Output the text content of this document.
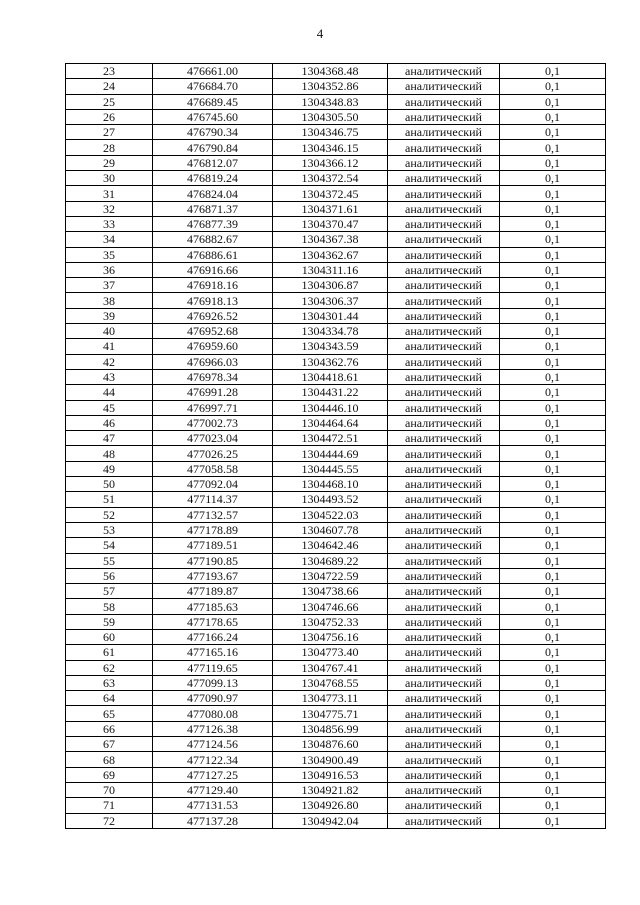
4
23	476661.00	1304368.48	аналитический	0,1
24	476684.70	1304352.86	аналитический	0,1
25	476689.45	1304348.83	аналитический	0,1
26	476745.60	1304305.50	аналитический	0,1
27	476790.34	1304346.75	аналитический	0,1
28	476790.84	1304346.15	аналитический	0,1
29	476812.07	1304366.12	аналитический	0,1
30	476819.24	1304372.54	аналитический	0,1
31	476824.04	1304372.45	аналитический	0,1
32	476871.37	1304371.61	аналитический	0,1
33	476877.39	1304370.47	аналитический	0,1
34	476882.67	1304367.38	аналитический	0,1
35	476886.61	1304362.67	аналитический	0,1
36	476916.66	1304311.16	аналитический	0,1
37	476918.16	1304306.87	аналитический	0,1
38	476918.13	1304306.37	аналитический	0,1
39	476926.52	1304301.44	аналитический	0,1
40	476952.68	1304334.78	аналитический	0,1
41	476959.60	1304343.59	аналитический	0,1
42	476966.03	1304362.76	аналитический	0,1
43	476978.34	1304418.61	аналитический	0,1
44	476991.28	1304431.22	аналитический	0,1
45	476997.71	1304446.10	аналитический	0,1
46	477002.73	1304464.64	аналитический	0,1
47	477023.04	1304472.51	аналитический	0,1
48	477026.25	1304444.69	аналитический	0,1
49	477058.58	1304445.55	аналитический	0,1
50	477092.04	1304468.10	аналитический	0,1
51	477114.37	1304493.52	аналитический	0,1
52	477132.57	1304522.03	аналитический	0,1
53	477178.89	1304607.78	аналитический	0,1
54	477189.51	1304642.46	аналитический	0,1
55	477190.85	1304689.22	аналитический	0,1
56	477193.67	1304722.59	аналитический	0,1
57	477189.87	1304738.66	аналитический	0,1
58	477185.63	1304746.66	аналитический	0,1
59	477178.65	1304752.33	аналитический	0,1
60	477166.24	1304756.16	аналитический	0,1
61	477165.16	1304773.40	аналитический	0,1
62	477119.65	1304767.41	аналитический	0,1
63	477099.13	1304768.55	аналитический	0,1
64	477090.97	1304773.11	аналитический	0,1
65	477080.08	1304775.71	аналитический	0,1
66	477126.38	1304856.99	аналитический	0,1
67	477124.56	1304876.60	аналитический	0,1
68	477122.34	1304900.49	аналитический	0,1
69	477127.25	1304916.53	аналитический	0,1
70	477129.40	1304921.82	аналитический	0,1
71	477131.53	1304926.80	аналитический	0,1
72	477137.28	1304942.04	аналитический	0,1
